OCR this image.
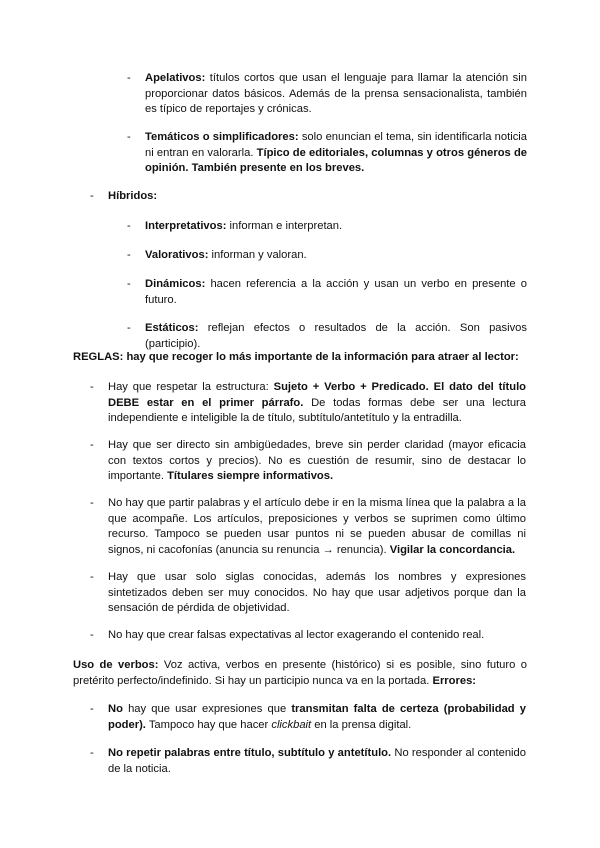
- Apelativos: títulos cortos que usan el lenguaje para llamar la atención sin proporcionar datos básicos. Además de la prensa sensacionalista, también es típico de reportajes y crónicas.
- Temáticos o simplificadores: solo enuncian el tema, sin identificarla noticia ni entran en valorarla. Típico de editoriales, columnas y otros géneros de opinión. También presente en los breves.
- Híbridos:
- Interpretativos: informan e interpretan.
- Valorativos: informan y valoran.
- Dinámicos: hacen referencia a la acción y usan un verbo en presente o futuro.
- Estáticos: reflejan efectos o resultados de la acción. Son pasivos (participio).
REGLAS: hay que recoger lo más importante de la información para atraer al lector:
- Hay que respetar la estructura: Sujeto + Verbo + Predicado. El dato del título DEBE estar en el primer párrafo. De todas formas debe ser una lectura independiente e inteligible la de título, subtítulo/antetítulo y la entradilla.
- Hay que ser directo sin ambigüedades, breve sin perder claridad (mayor eficacia con textos cortos y precios). No es cuestión de resumir, sino de destacar lo importante. Títulares siempre informativos.
- No hay que partir palabras y el artículo debe ir en la misma línea que la palabra a la que acompañe. Los artículos, preposiciones y verbos se suprimen como último recurso. Tampoco se pueden usar puntos ni se pueden abusar de comillas ni signos, ni cacofonías (anuncia su renuncia → renuncia). Vigilar la concordancia.
- Hay que usar solo siglas conocidas, además los nombres y expresiones sintetizados deben ser muy conocidos. No hay que usar adjetivos porque dan la sensación de pérdida de objetividad.
- No hay que crear falsas expectativas al lector exagerando el contenido real.
Uso de verbos: Voz activa, verbos en presente (histórico) si es posible, sino futuro o pretérito perfecto/indefinido. Si hay un participio nunca va en la portada. Errores:
- No hay que usar expresiones que transmitan falta de certeza (probabilidad y poder). Tampoco hay que hacer clickbait en la prensa digital.
- No repetir palabras entre título, subtítulo y antetítulo. No responder al contenido de la noticia.
